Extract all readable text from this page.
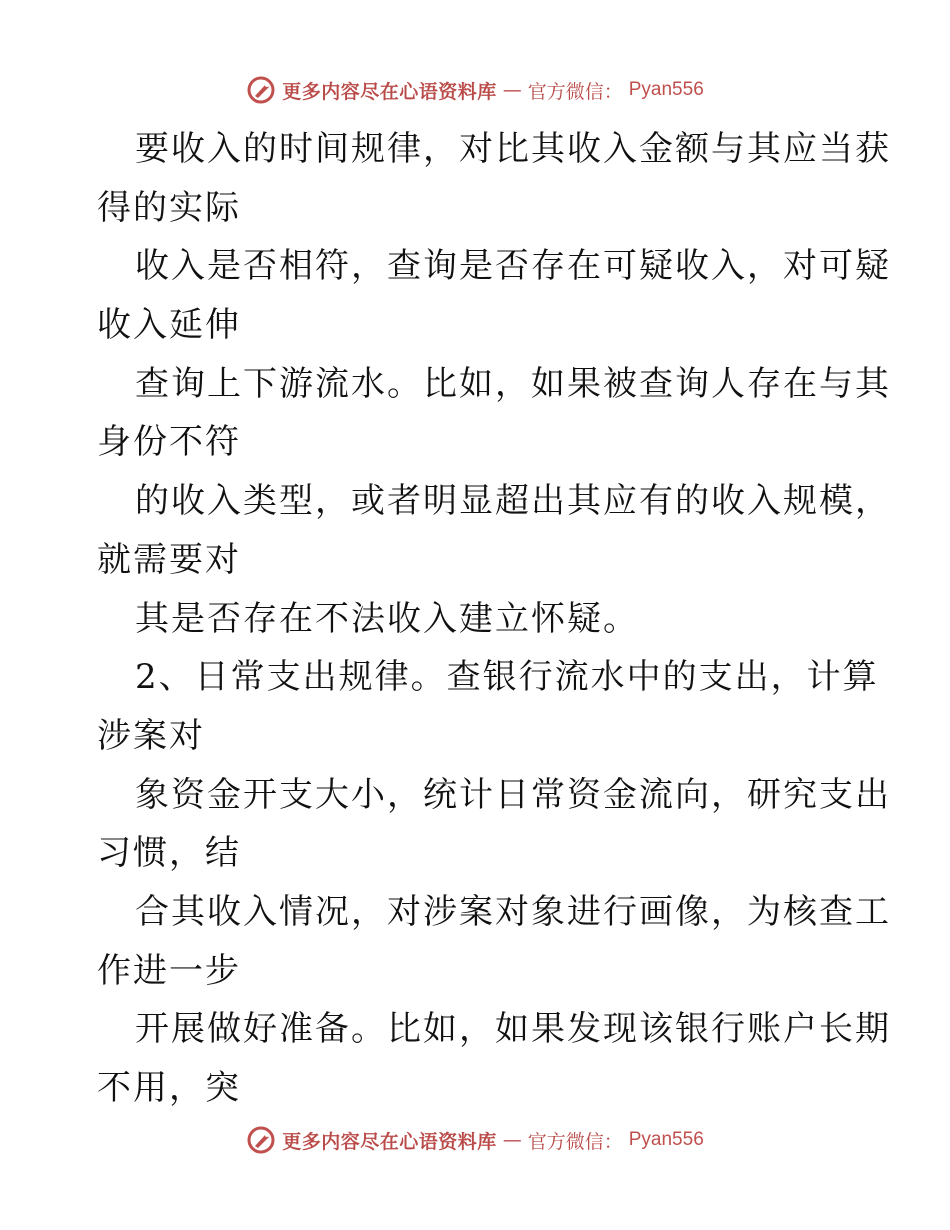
更多内容尽在心语资料库 — 官方微信： Pyan556
要收入的时间规律，对比其收入金额与其应当获
得的实际
收入是否相符，查询是否存在可疑收入，对可疑
收入延伸
查询上下游流水。比如，如果被查询人存在与其
身份不符
的收入类型，或者明显超出其应有的收入规模，
就需要对
其是否存在不法收入建立怀疑。
2、日常支出规律。查银行流水中的支出，计算
涉案对
象资金开支大小，统计日常资金流向，研究支出
习惯，结
合其收入情况，对涉案对象进行画像，为核查工
作进一步
开展做好准备。比如，如果发现该银行账户长期
不用，突
更多内容尽在心语资料库 — 官方微信： Pyan556
